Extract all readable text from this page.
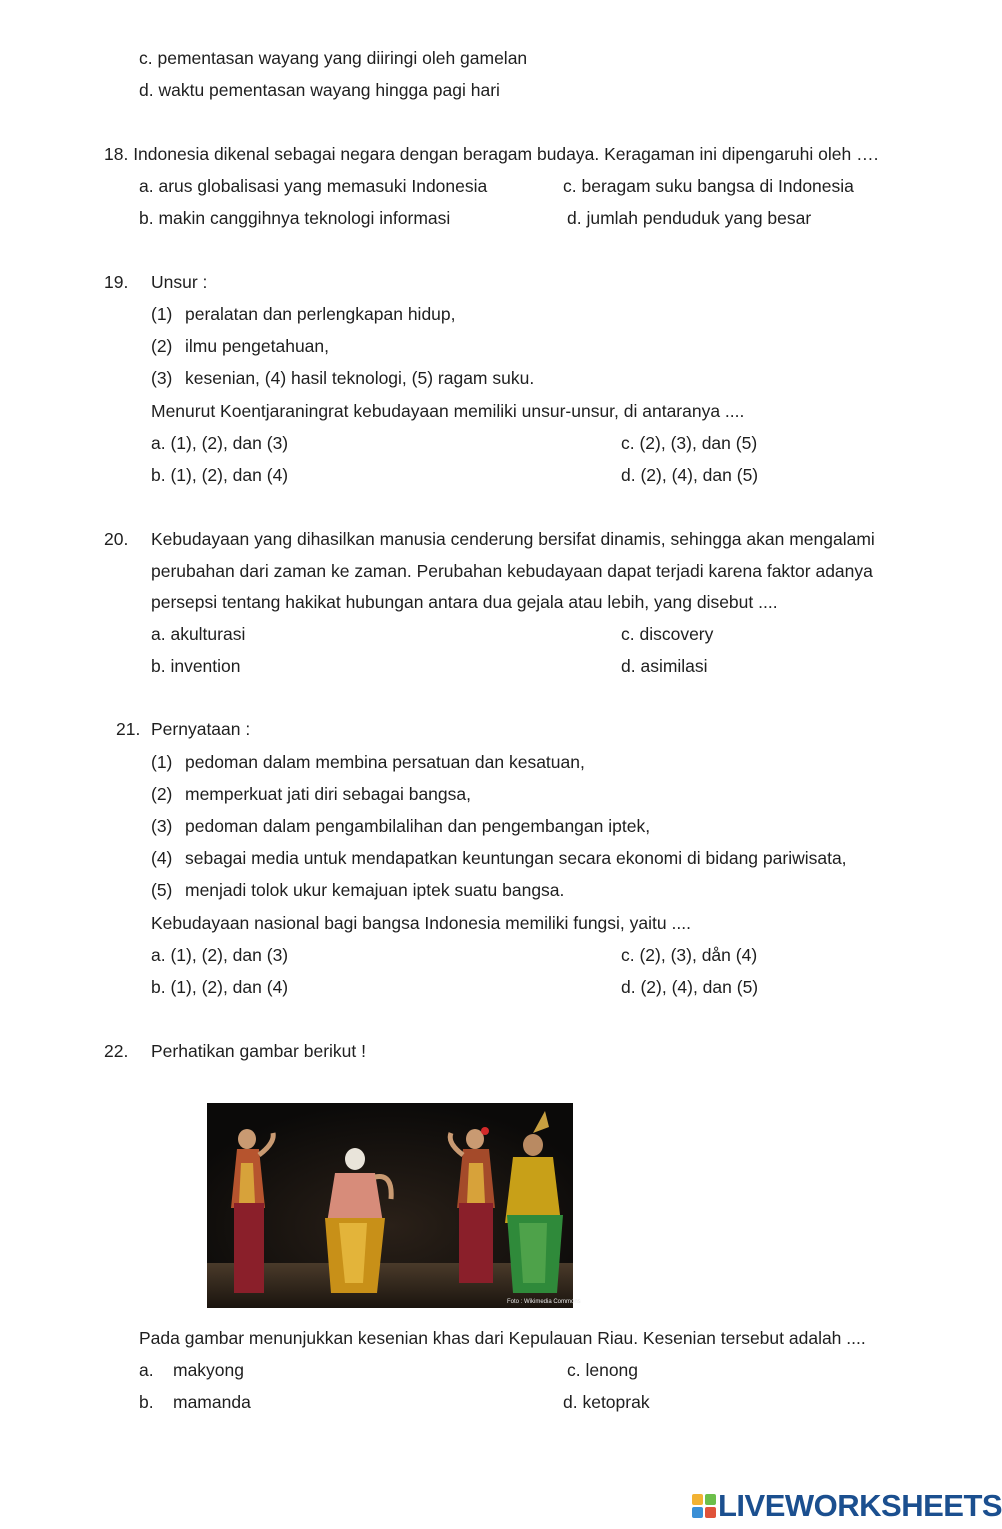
c. pementasan wayang yang diiringi oleh gamelan
d. waktu pementasan wayang hingga pagi hari
18. Indonesia dikenal sebagai negara dengan beragam budaya. Keragaman ini dipengaruhi oleh ….
a. arus globalisasi yang memasuki Indonesia
b. makin canggihnya teknologi informasi
c. beragam suku bangsa di Indonesia
d. jumlah penduduk yang besar
19. Unsur :
(1) peralatan dan perlengkapan hidup,
(2) ilmu pengetahuan,
(3) kesenian, (4) hasil teknologi, (5) ragam suku.
Menurut Koentjaraningrat kebudayaan memiliki unsur-unsur, di antaranya ....
a. (1), (2), dan (3)
b. (1), (2), dan (4)
c. (2), (3), dan (5)
d. (2), (4), dan (5)
20. Kebudayaan yang dihasilkan manusia cenderung bersifat dinamis, sehingga akan mengalami
perubahan dari zaman ke zaman. Perubahan kebudayaan dapat terjadi karena faktor adanya
persepsi tentang hakikat hubungan antara dua gejala atau lebih, yang disebut ....
a. akulturasi
b. invention
c. discovery
d. asimilasi
21. Pernyataan :
(1) pedoman dalam membina persatuan dan kesatuan,
(2) memperkuat jati diri sebagai bangsa,
(3) pedoman dalam pengambilalihan dan pengembangan iptek,
(4) sebagai media untuk mendapatkan keuntungan secara ekonomi di bidang pariwisata,
(5) menjadi tolok ukur kemajuan iptek suatu bangsa.
Kebudayaan nasional bagi bangsa Indonesia memiliki fungsi, yaitu ....
a. (1), (2), dan (3)
b. (1), (2), dan (4)
c. (2), (3), dån (4)
d. (2), (4), dan (5)
22. Perhatikan gambar berikut !
Foto : Wikimedia Commons
Pada gambar menunjukkan kesenian khas dari Kepulauan Riau. Kesenian tersebut adalah ....
a. makyong
b. mamanda
c. lenong
d. ketoprak
LIVEWORKSHEETS
